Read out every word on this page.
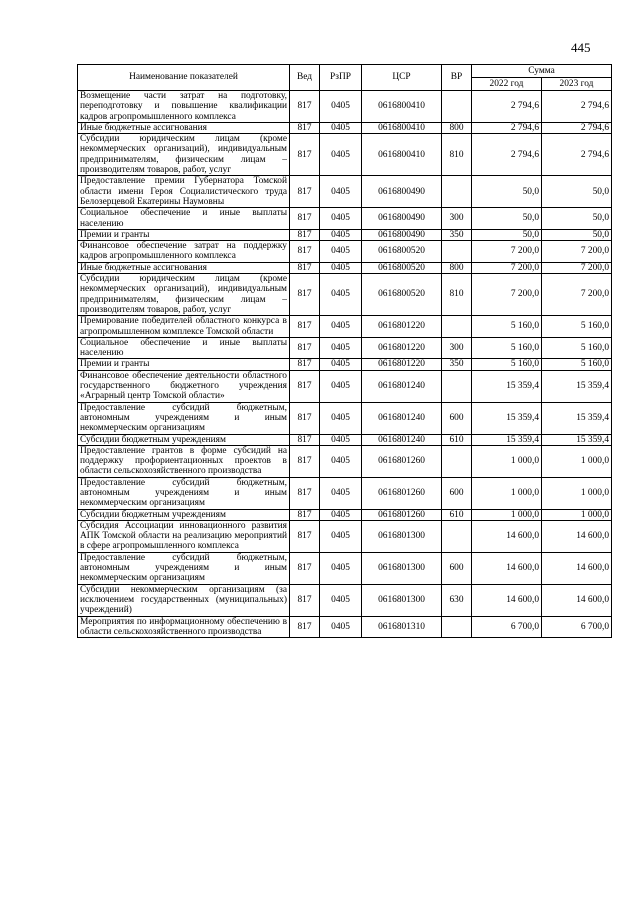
445
Наименование показателей	Вед	РзПР	ЦСР	ВР	Сумма	
					2022 год	2023 год
Возмещение части затрат на подготовку, переподготовку и повышение квалификации кадров агропромышленного комплекса	817	0405	0616800410		2 794,6	2 794,6
Иные бюджетные ассигнования	817	0405	0616800410	800	2 794,6	2 794,6
Субсидии юридическим лицам (кроме некоммерческих организаций), индивидуальным предпринимателям, физическим лицам – производителям товаров, работ, услуг	817	0405	0616800410	810	2 794,6	2 794,6
Предоставление премии Губернатора Томской области имени Героя Социалистического труда Белозерцевой Екатерины Наумовны	817	0405	0616800490		50,0	50,0
Социальное обеспечение и иные выплаты населению	817	0405	0616800490	300	50,0	50,0
Премии и гранты	817	0405	0616800490	350	50,0	50,0
Финансовое обеспечение затрат на поддержку кадров агропромышленного комплекса	817	0405	0616800520		7 200,0	7 200,0
Иные бюджетные ассигнования	817	0405	0616800520	800	7 200,0	7 200,0
Субсидии юридическим лицам (кроме некоммерческих организаций), индивидуальным предпринимателям, физическим лицам – производителям товаров, работ, услуг	817	0405	0616800520	810	7 200,0	7 200,0
Премирование победителей областного конкурса в агропромышленном комплексе Томской области	817	0405	0616801220		5 160,0	5 160,0
Социальное обеспечение и иные выплаты населению	817	0405	0616801220	300	5 160,0	5 160,0
Премии и гранты	817	0405	0616801220	350	5 160,0	5 160,0
Финансовое обеспечение деятельности областного государственного бюджетного учреждения «Аграрный центр Томской области»	817	0405	0616801240		15 359,4	15 359,4
Предоставление субсидий бюджетным, автономным учреждениям и иным некоммерческим организациям	817	0405	0616801240	600	15 359,4	15 359,4
Субсидии бюджетным учреждениям	817	0405	0616801240	610	15 359,4	15 359,4
Предоставление грантов в форме субсидий на поддержку профориентационных проектов в области сельскохозяйственного производства	817	0405	0616801260		1 000,0	1 000,0
Предоставление субсидий бюджетным, автономным учреждениям и иным некоммерческим организациям	817	0405	0616801260	600	1 000,0	1 000,0
Субсидии бюджетным учреждениям	817	0405	0616801260	610	1 000,0	1 000,0
Субсидия Ассоциации инновационного развития АПК Томской области на реализацию мероприятий в сфере агропромышленного комплекса	817	0405	0616801300		14 600,0	14 600,0
Предоставление субсидий бюджетным, автономным учреждениям и иным некоммерческим организациям	817	0405	0616801300	600	14 600,0	14 600,0
Субсидии некоммерческим организациям (за исключением государственных (муниципальных) учреждений)	817	0405	0616801300	630	14 600,0	14 600,0
Мероприятия по информационному обеспечению в области сельскохозяйственного производства	817	0405	0616801310		6 700,0	6 700,0
